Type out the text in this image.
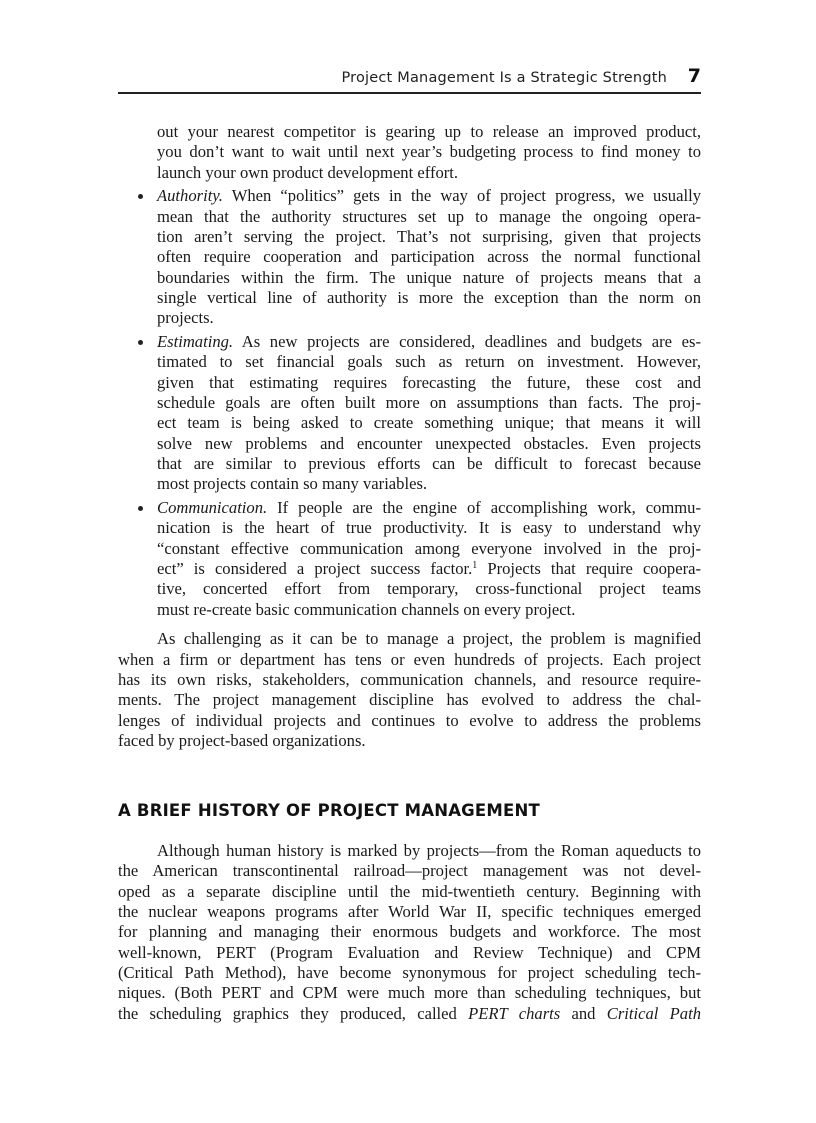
Project Management Is a Strategic Strength 7
out your nearest competitor is gearing up to release an improved product,
you don’t want to wait until next year’s budgeting process to find money to
launch your own product development effort.
Authority. When “politics” gets in the way of project progress, we usually
mean that the authority structures set up to manage the ongoing opera-
tion aren’t serving the project. That’s not surprising, given that projects
often require cooperation and participation across the normal functional
boundaries within the firm. The unique nature of projects means that a
single vertical line of authority is more the exception than the norm on
projects.
Estimating. As new projects are considered, deadlines and budgets are es-
timated to set financial goals such as return on investment. However,
given that estimating requires forecasting the future, these cost and
schedule goals are often built more on assumptions than facts. The proj-
ect team is being asked to create something unique; that means it will
solve new problems and encounter unexpected obstacles. Even projects
that are similar to previous efforts can be difficult to forecast because
most projects contain so many variables.
Communication. If people are the engine of accomplishing work, commu-
nication is the heart of true productivity. It is easy to understand why
“constant effective communication among everyone involved in the proj-
ect” is considered a project success factor.$^1$ Projects that require coopera-
tive, concerted effort from temporary, cross-functional project teams
must re-create basic communication channels on every project.
As challenging as it can be to manage a project, the problem is magnified
when a firm or department has tens or even hundreds of projects. Each project
has its own risks, stakeholders, communication channels, and resource require-
ments. The project management discipline has evolved to address the chal-
lenges of individual projects and continues to evolve to address the problems
faced by project-based organizations.
A BRIEF HISTORY OF PROJECT MANAGEMENT
Although human history is marked by projects—from the Roman aqueducts to
the American transcontinental railroad—project management was not devel-
oped as a separate discipline until the mid-twentieth century. Beginning with
the nuclear weapons programs after World War II, specific techniques emerged
for planning and managing their enormous budgets and workforce. The most
well-known, PERT (Program Evaluation and Review Technique) and CPM
(Critical Path Method), have become synonymous for project scheduling tech-
niques. (Both PERT and CPM were much more than scheduling techniques, but
the scheduling graphics they produced, called PERT charts and Critical Path
